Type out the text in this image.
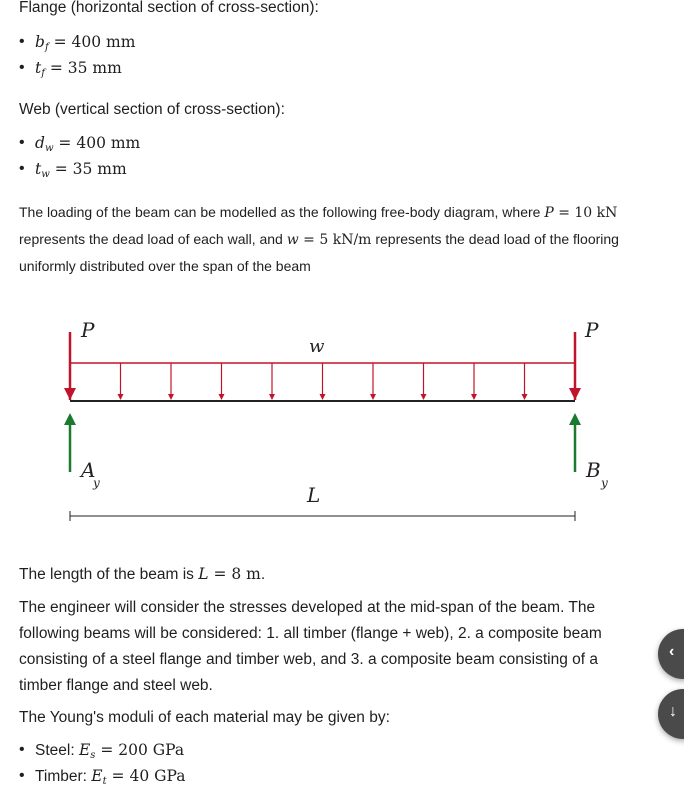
Flange (horizontal section of cross-section):

• $b_f = 400$ mm
• $t_f = 35$ mm

Web (vertical section of cross-section):

• $d_w = 400$ mm
• $t_w = 35$ mm

The loading of the beam can be modelled as the following free-body diagram, where P = 10 kN represents the dead load of each wall, and w = 5 kN/m represents the dead load of the flooring uniformly distributed over the span of the beam

P	P
w
A
y
B
y
L

The length of the beam is L = 8 m.

The engineer will consider the stresses developed at the mid-span of the beam. The following beams will be considered: 1. all timber (flange + web), 2. a composite beam consisting of a steel flange and timber web, and 3. a composite beam consisting of a timber flange and steel web.

The Young's moduli of each material may be given by:

• Steel: $E_s = 200$ GPa
• Timber: $E_t = 40$ GPa
‹
↓
